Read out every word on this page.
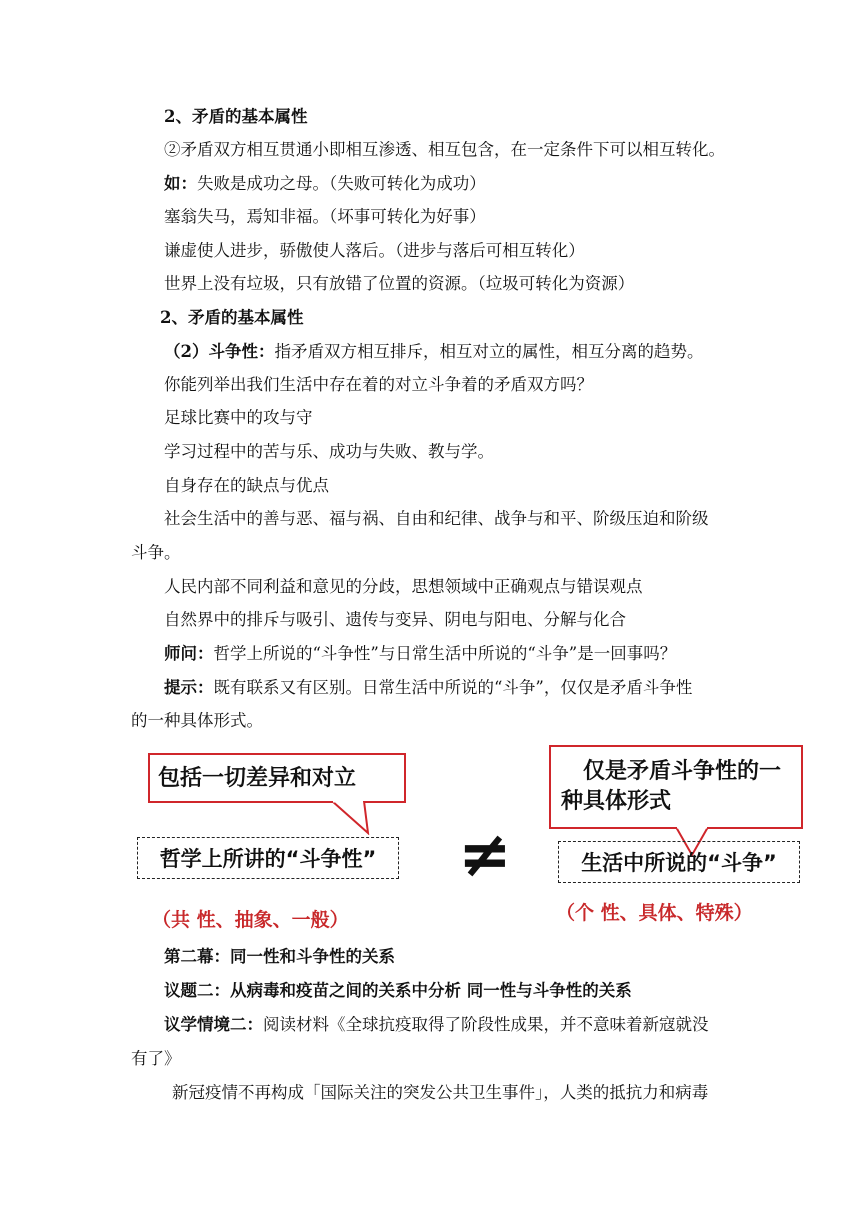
2、矛盾的基本属性
②矛盾双方相互贯通小即相互渗透、相互包含，在一定条件下可以相互转化。
如：失败是成功之母。（失败可转化为成功）
塞翁失马，焉知非福。（坏事可转化为好事）
谦虚使人进步，骄傲使人落后。（进步与落后可相互转化）
世界上没有垃圾，只有放错了位置的资源。（垃圾可转化为资源）
2、矛盾的基本属性
（2）斗争性：指矛盾双方相互排斥，相互对立的属性，相互分离的趋势。
你能列举出我们生活中存在着的对立斗争着的矛盾双方吗？
足球比赛中的攻与守
学习过程中的苦与乐、成功与失败、教与学。
自身存在的缺点与优点
社会生活中的善与恶、福与祸、自由和纪律、战争与和平、阶级压迫和阶级
斗争。
人民内部不同利益和意见的分歧，思想领域中正确观点与错误观点
自然界中的排斥与吸引、遗传与变异、阴电与阳电、分解与化合
师问：哲学上所说的“斗争性”与日常生活中所说的“斗争”是一回事吗？
提示：既有联系又有区别。日常生活中所说的“斗争”，仅仅是矛盾斗争性
的一种具体形式。
包括一切差异和对立
哲学上所讲的“斗争性”
（共 性、抽象、一般）
≠
仅是矛盾斗争性的一种具体形式
生活中所说的“斗争”
（个 性、具体、特殊）
第二幕：同一性和斗争性的关系
议题二：从病毒和疫苗之间的关系中分析 同一性与斗争性的关系
议学情境二：阅读材料《全球抗疫取得了阶段性成果，并不意味着新寇就没
有了》
新冠疫情不再构成「国际关注的突发公共卫生事件」，人类的抵抗力和病毒
